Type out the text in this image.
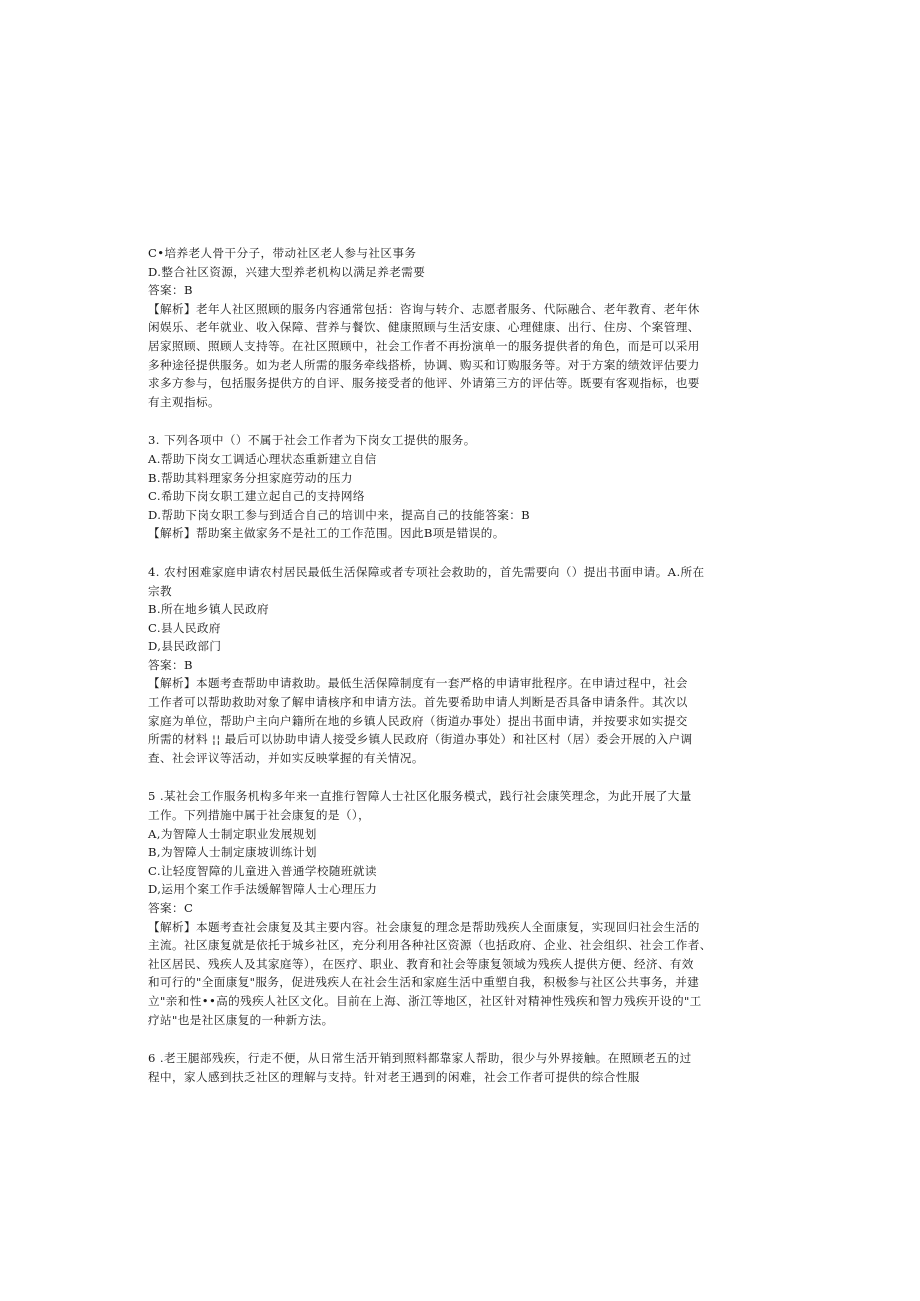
C•培养老人骨干分子，带动社区老人参与社区事务
D.整合社区资源，兴建大型养老机构以满足养老需要
答案：B
【解析】老年人社区照顾的服务内容通常包括：咨询与转介、志愿者服务、代际融合、老年教育、老年休
闲娱乐、老年就业、收入保障、营养与餐饮、健康照顾与生活安康、心理健康、出行、住房、个案管理、
居家照顾、照顾人支持等。在社区照顾中，社会工作者不再扮演单一的服务提供者的角色，而是可以采用
多种途径提供服务。如为老人所需的服务牵线搭桥，协调、购买和订购服务等。对于方案的绩效评估要力
求多方参与，包括服务提供方的自评、服务接受者的他评、外请第三方的评估等。既要有客观指标，也要
有主观指标。
3. 下列各项中（）不属于社会工作者为下岗女工提供的服务。
A.帮助下岗女工调适心理状态重新建立自信
B.帮助其料理家务分担家庭劳动的压力
C.希助下岗女职工建立起自己的支持网络
D.帮助下岗女职工参与到适合自己的培训中来，提高自己的技能答案：B
【解析】帮助案主做家务不是社工的工作范围。因此B项是错误的。
4. 农村困难家庭申请农村居民最低生活保障或者专项社会救助的，首先需要向（）提出书面申请。A.所在
宗教
B.所在地乡镇人民政府
C.县人民政府
D,县民政部门
答案：B
【解析】本题考查帮助申请救助。最低生活保障制度有一套严格的申请审批程序。在申请过程中，社会
工作者可以帮助救助对象了解申请核序和申请方法。首先要希助申请人判断是否具备申请条件。其次以
家庭为单位，帮助户主向户籍所在地的乡镇人民政府（街道办事处）提出书面申请，并按要求如实提交
所需的材料 ¦¦ 最后可以协助申请人接受乡镇人民政府（街道办事处）和社区村（居）委会开展的入户调
查、社会评议等活动，并如实反映掌握的有关情况。
5 .某社会工作服务机构多年来一直推行智障人士社区化服务模式，践行社会康笑理念，为此开展了大量
工作。下列措施中属于社会康复的是（），
A,为智障人士制定职业发展规划
B,为智障人士制定康坡训练计划
C.让轻度智障的儿童进入普通学校随班就读
D,运用个案工作手法缓解智障人士心理压力
答案：C
【解析】本题考查社会康复及其主要内容。社会康复的理念是帮助残疾人全面康复，实现回归社会生活的
主流。社区康复就是依托于城乡社区，充分利用各种社区资源（也括政府、企业、社会组织、社会工作者、
社区居民、残疾人及其家庭等），在医疗、职业、教育和社会等康复领域为残疾人提供方便、经济、有效
和可行的"全面康复"服务，促进残疾人在社会生活和家庭生活中重塑自我，积极参与社区公共事务，并建
立"亲和性••高的残疾人社区文化。目前在上海、浙江等地区，社区针对精神性残疾和智力残疾开设的"工
疗站"也是社区康复的一种新方法。
6 .老王腿部残疾，行走不便，从日常生活开销到照料都靠家人帮助，很少与外界接触。在照顾老五的过
程中，家人感到扶乏社区的理解与支持。针对老王遇到的闲难，社会工作者可提供的综合性服
